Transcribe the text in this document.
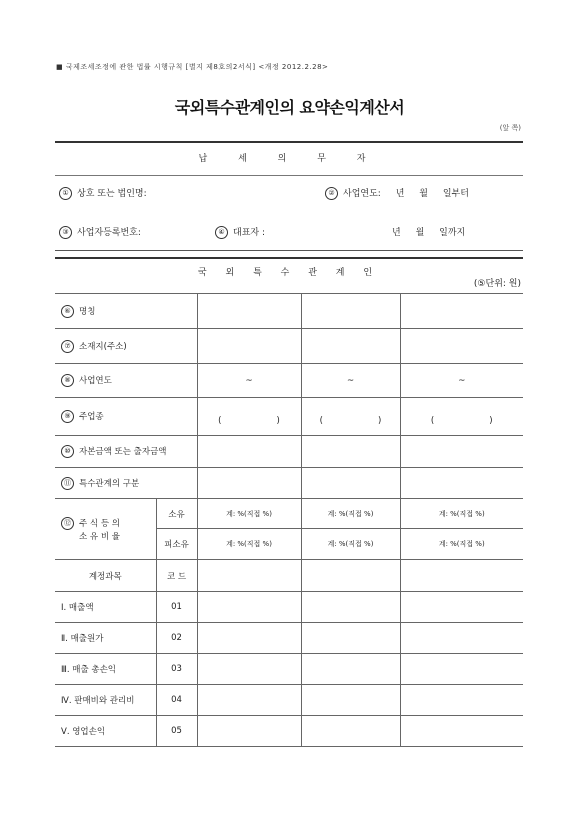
■ 국제조세조정에 관한 법률 시행규칙 [별지 제8호의2서식] <개정 2012.2.28>
국외특수관계인의 요약손익계산서
(앞 쪽)
납 세 의 무 자
① 상호 또는 법인명:	② 사업연도: 년 월 일부터
③ 사업자등록번호:	④ 대표자 :	년 월 일까지
국 외 특 수 관 계 인
(⑤단위: 원)
⑥ 명칭				
⑦ 소재지(주소)				
⑧ 사업연도		~	~	~
⑨ 주업종		( )	( )	( )
⑩ 자본금액 또는 출자금액				
⑪ 특수관계의 구분				
⑫ 주 식 등 의
소 유 비 율	소유	계: %(직접 %)	계: %(직접 %)	계: %(직접 %)
	피소유	계: %(직접 %)	계: %(직접 %)	계: %(직접 %)
계정과목	코 드			
Ⅰ. 매출액	01			
Ⅱ. 매출원가	02			
Ⅲ. 매출 총손익	03			
Ⅳ. 판매비와 관리비	04			
Ⅴ. 영업손익	05			
